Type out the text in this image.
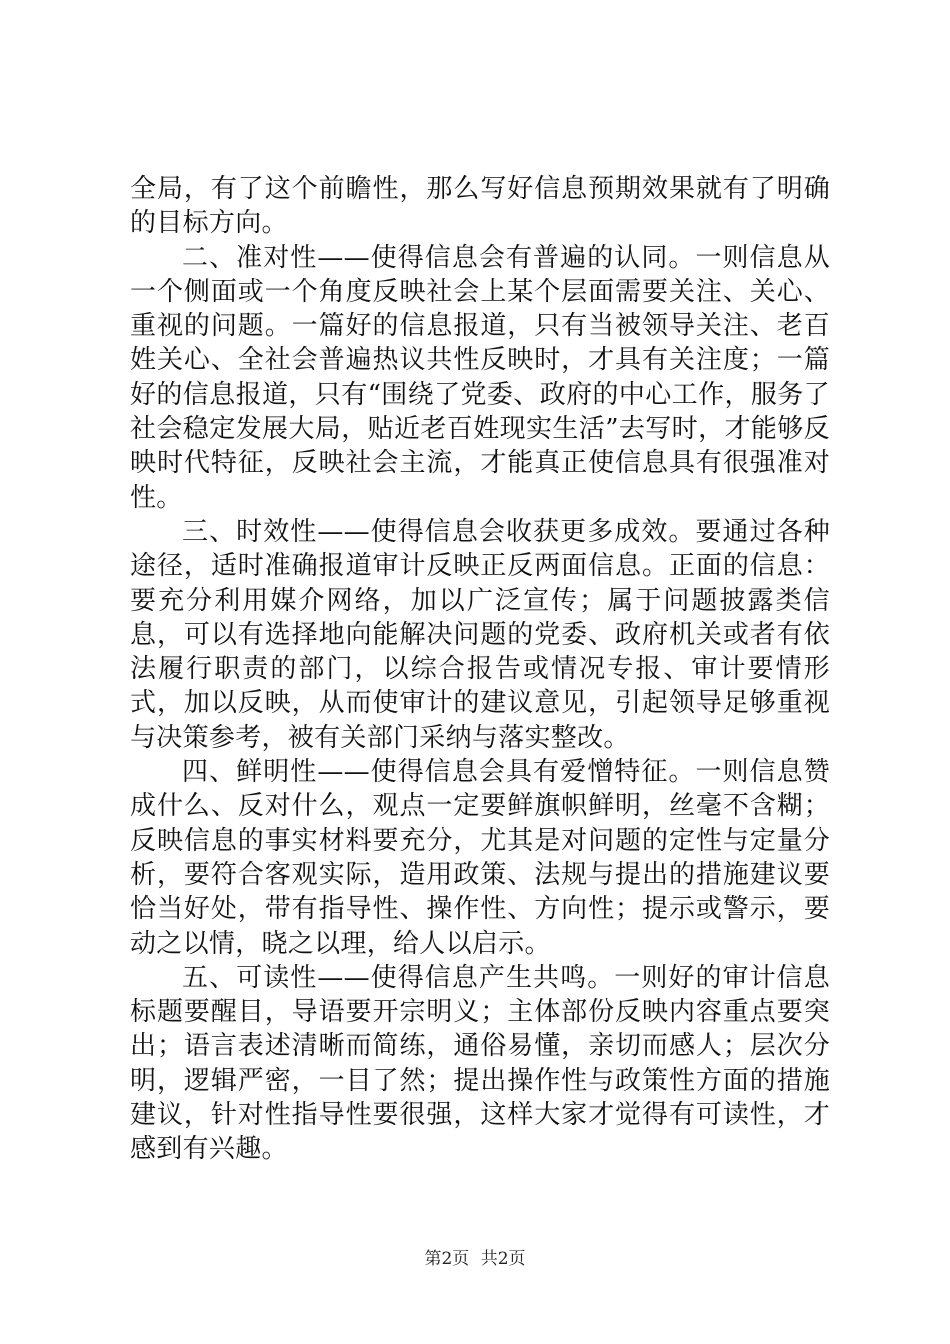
全局，有了这个前瞻性，那么写好信息预期效果就有了明确的目标方向。

二、准对性——使得信息会有普遍的认同。一则信息从一个侧面或一个角度反映社会上某个层面需要关注、关心、重视的问题。一篇好的信息报道，只有当被领导关注、老百姓关心、全社会普遍热议共性反映时，才具有关注度；一篇好的信息报道，只有“围绕了党委、政府的中心工作，服务了社会稳定发展大局，贴近老百姓现实生活”去写时，才能够反映时代特征，反映社会主流，才能真正使信息具有很强准对性。

三、时效性——使得信息会收获更多成效。要通过各种途径，适时准确报道审计反映正反两面信息。正面的信息：要充分利用媒介网络，加以广泛宣传；属于问题披露类信息，可以有选择地向能解决问题的党委、政府机关或者有依法履行职责的部门，以综合报告或情况专报、审计要情形式，加以反映，从而使审计的建议意见，引起领导足够重视与决策参考，被有关部门采纳与落实整改。

四、鲜明性——使得信息会具有爱憎特征。一则信息赞成什么、反对什么，观点一定要鲜旗帜鲜明，丝毫不含糊；反映信息的事实材料要充分，尤其是对问题的定性与定量分析，要符合客观实际，造用政策、法规与提出的措施建议要恰当好处，带有指导性、操作性、方向性；提示或警示，要动之以情，晓之以理，给人以启示。

五、可读性——使得信息产生共鸣。一则好的审计信息标题要醒目，导语要开宗明义；主体部份反映内容重点要突出；语言表述清晰而简练，通俗易懂，亲切而感人；层次分明，逻辑严密，一目了然；提出操作性与政策性方面的措施建议，针对性指导性要很强，这样大家才觉得有可读性，才感到有兴趣。

第2页 共2页
